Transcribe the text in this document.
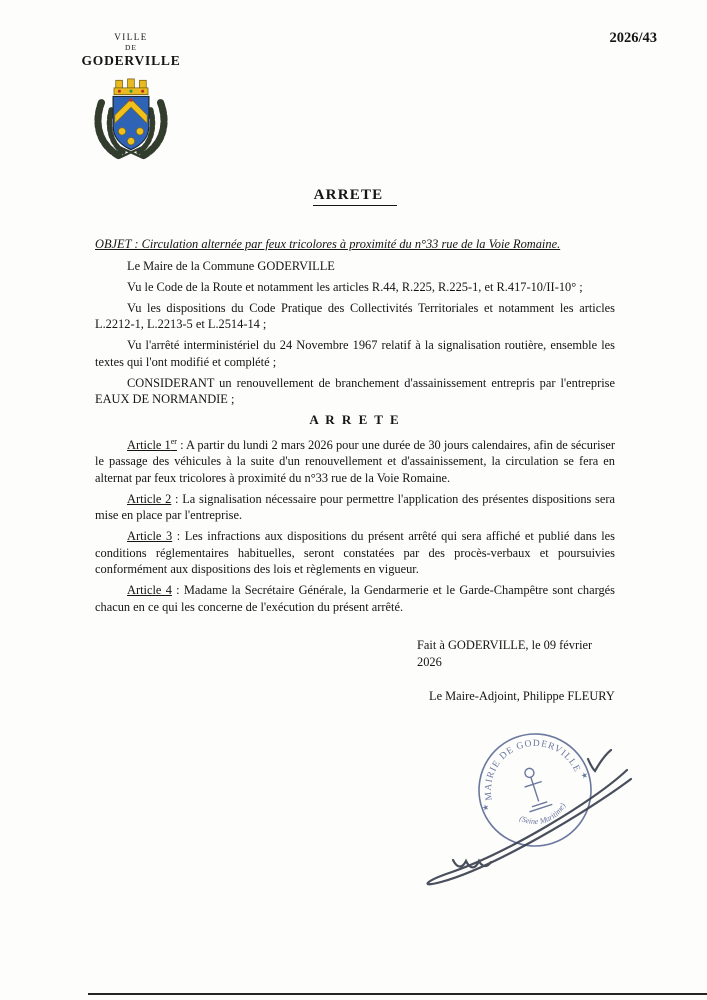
VILLE
DE
GODERVILLE
2026/43
ARRETE
OBJET : Circulation alternée par feux tricolores à proximité du n°33 rue de la Voie Romaine.

Le Maire de la Commune GODERVILLE

Vu le Code de la Route et notamment les articles R.44, R.225, R.225-1, et R.417-10/II-10° ;

Vu les dispositions du Code Pratique des Collectivités Territoriales et notamment les articles L.2212-1, L.2213-5 et L.2514-14 ;

Vu l'arrêté interministériel du 24 Novembre 1967 relatif à la signalisation routière, ensemble les textes qui l'ont modifié et complété ;

CONSIDERANT un renouvellement de branchement d'assainissement entrepris par l'entreprise EAUX DE NORMANDIE ;

A R R E T E

Article 1er : A partir du lundi 2 mars 2026 pour une durée de 30 jours calendaires, afin de sécuriser le passage des véhicules à la suite d'un renouvellement et d'assainissement, la circulation se fera en alternat par feux tricolores à proximité du n°33 rue de la Voie Romaine.

Article 2 : La signalisation nécessaire pour permettre l'application des présentes dispositions sera mise en place par l'entreprise.

Article 3 : Les infractions aux dispositions du présent arrêté qui sera affiché et publié dans les conditions réglementaires habituelles, seront constatées par des procès-verbaux et poursuivies conformément aux dispositions des lois et règlements en vigueur.

Article 4 : Madame la Secrétaire Générale, la Gendarmerie et le Garde-Champêtre sont chargés chacun en ce qui les concerne de l'exécution du présent arrêté.

Fait à GODERVILLE, le 09 février 2026
Le Maire-Adjoint, Philippe FLEURY
MAIRIE DE GODERVILLE
(Seine Maritime)
★
★
